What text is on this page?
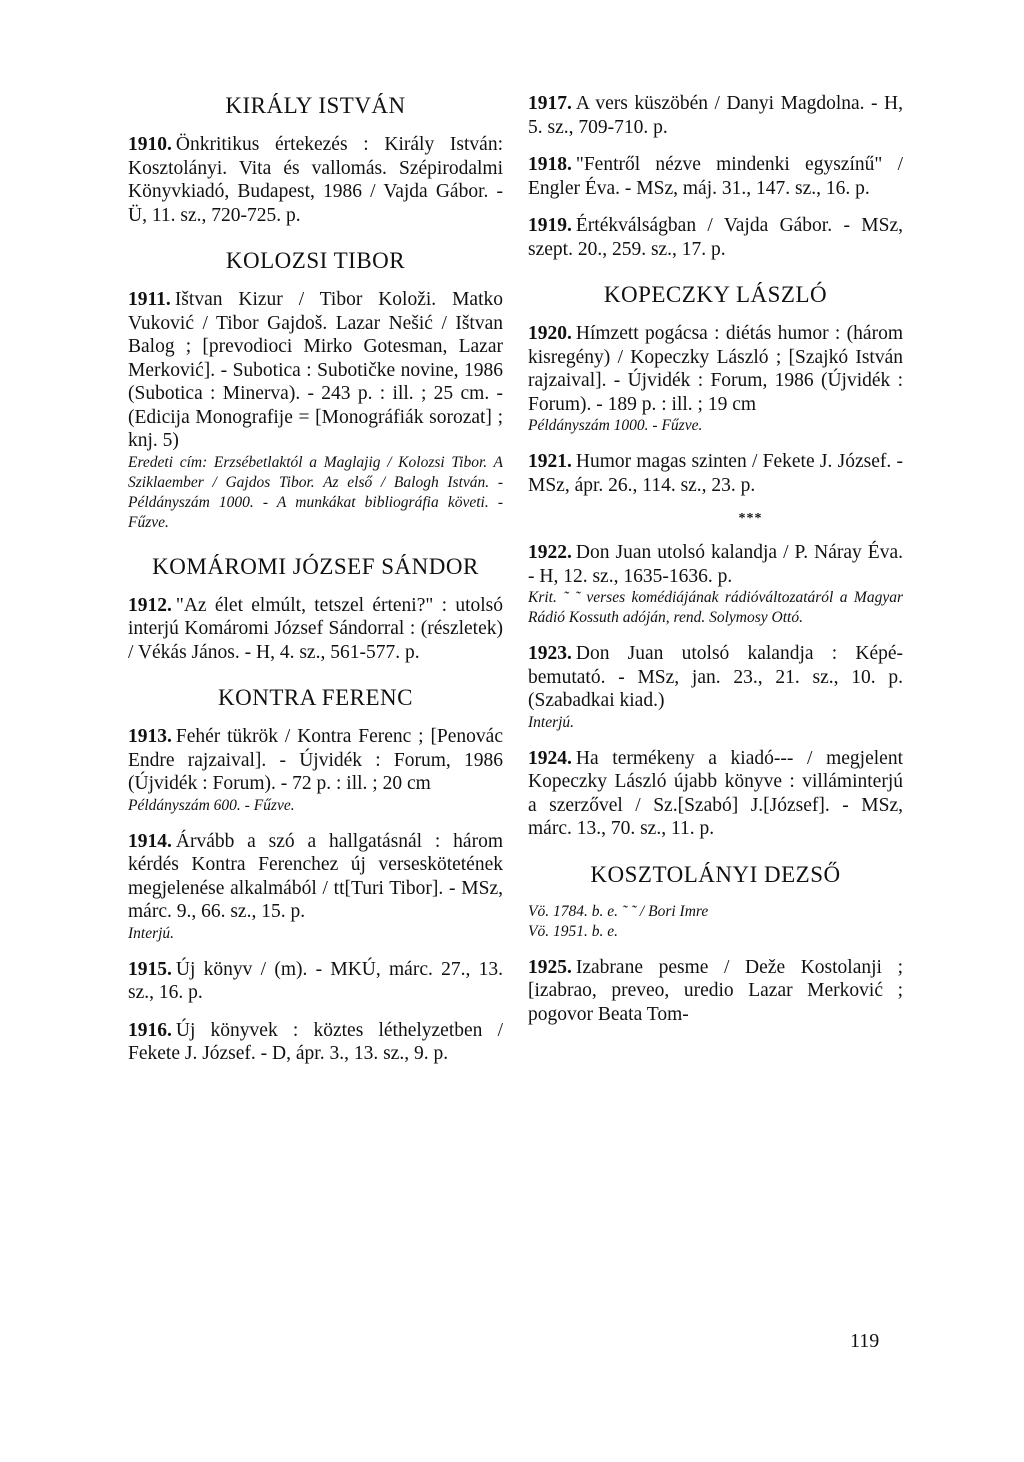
KIRÁLY ISTVÁN

1910. Önkritikus értekezés : Király István: Kosztolányi. Vita és vallomás. Szépirodalmi Könyvkiadó, Budapest, 1986 / Vajda Gábor. - Ü, 11. sz., 720-725. p.

KOLOZSI TIBOR

1911. Ištvan Kizur / Tibor Koloži. Matko Vuković / Tibor Gajdoš. Lazar Nešić / Ištvan Balog ; [prevodioci Mirko Gotesman, Lazar Merković]. - Subotica : Subotičke novine, 1986 (Subotica : Minerva). - 243 p. : ill. ; 25 cm. - (Edicija Monografije = [Monográfiák sorozat] ; knj. 5)
Eredeti cím: Erzsébetlaktól a Maglajig / Kolozsi Tibor. A Sziklaember / Gajdos Tibor. Az első / Balogh István. - Példányszám 1000. - A munkákat bibliográfia követi. - Fűzve.

KOMÁROMI JÓZSEF SÁNDOR

1912. "Az élet elmúlt, tetszel érteni?" : utolsó interjú Komáromi József Sándorral : (részletek) / Vékás János. - H, 4. sz., 561-577. p.

KONTRA FERENC

1913. Fehér tükrök / Kontra Ferenc ; [Penovác Endre rajzaival]. - Újvidék : Forum, 1986 (Újvidék : Forum). - 72 p. : ill. ; 20 cm
Példányszám 600. - Fűzve.

1914. Árvább a szó a hallgatásnál : három kérdés Kontra Ferenchez új verseskötetének megjelenése alkalmából / tt[Turi Tibor]. - MSz, márc. 9., 66. sz., 15. p.
Interjú.

1915. Új könyv / (m). - MKÚ, márc. 27., 13. sz., 16. p.

1916. Új könyvek : köztes léthelyzetben / Fekete J. József. - D, ápr. 3., 13. sz., 9. p.

1917. A vers küszöbén / Danyi Magdolna. - H, 5. sz., 709-710. p.

1918. "Fentről nézve mindenki egyszínű" / Engler Éva. - MSz, máj. 31., 147. sz., 16. p.

1919. Értékválságban / Vajda Gábor. - MSz, szept. 20., 259. sz., 17. p.

KOPECZKY LÁSZLÓ

1920. Hímzett pogácsa : diétás humor : (három kisregény) / Kopeczky László ; [Szajkó István rajzaival]. - Újvidék : Forum, 1986 (Újvidék : Forum). - 189 p. : ill. ; 19 cm
Példányszám 1000. - Fűzve.

1921. Humor magas szinten / Fekete J. József. - MSz, ápr. 26., 114. sz., 23. p.

***

1922. Don Juan utolsó kalandja / P. Náray Éva. - H, 12. sz., 1635-1636. p.
Krit. ˜ ˜ verses komédiájának rádióváltozatáról a Magyar Rádió Kossuth adóján, rend. Solymosy Ottó.

1923. Don Juan utolsó kalandja : Képé-bemutató. - MSz, jan. 23., 21. sz., 10. p. (Szabadkai kiad.)
Interjú.

1924. Ha termékeny a kiadó--- / megjelent Kopeczky László újabb könyve : villáminterjú a szerzővel / Sz.[Szabó] J.[József]. - MSz, márc. 13., 70. sz., 11. p.

KOSZTOLÁNYI DEZSŐ

Vö. 1784. b. e. ˜ ˜ / Bori Imre

Vö. 1951. b. e.

1925. Izabrane pesme / Deže Kostolanji ; [izabrao, preveo, uredio Lazar Merković ; pogovor Beata Tom-

119
